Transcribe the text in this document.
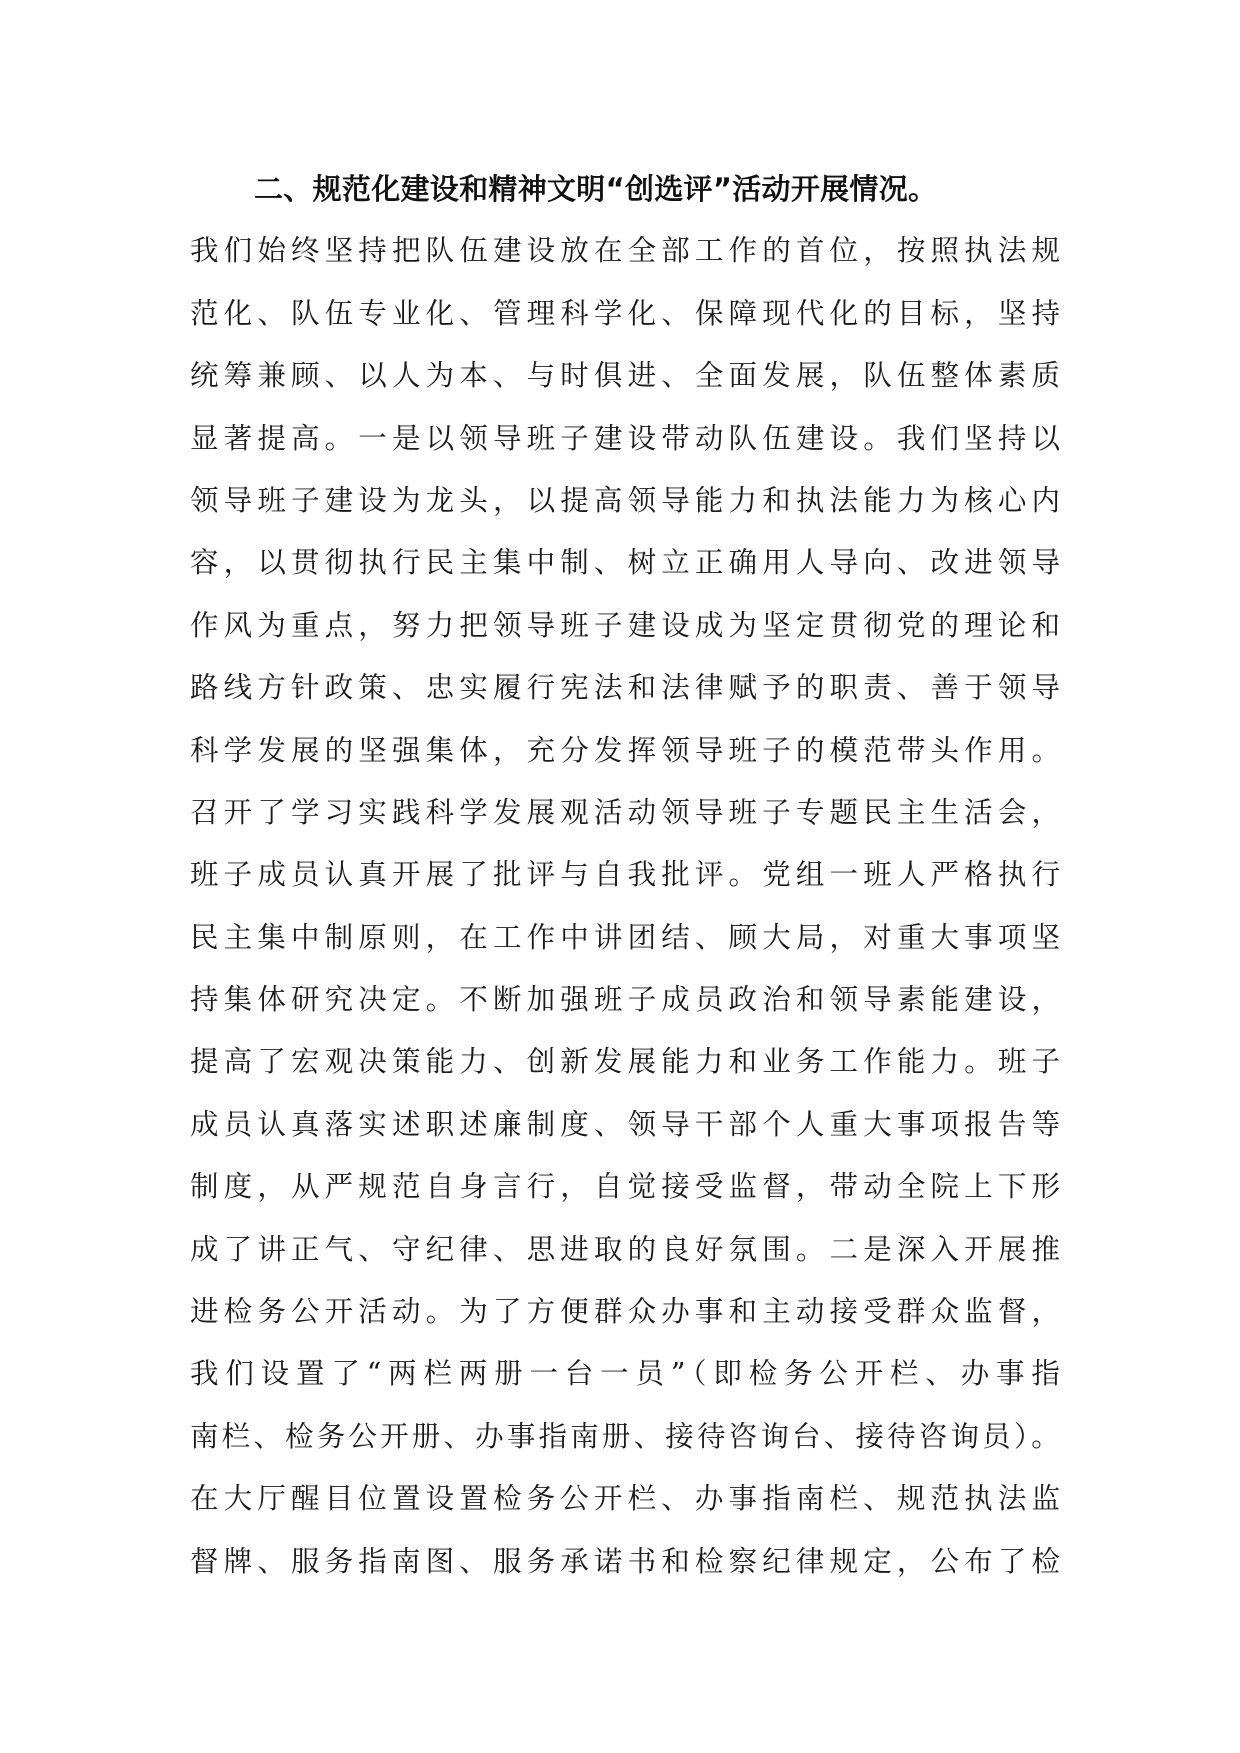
二、规范化建设和精神文明“创选评”活动开展情况。
我们始终坚持把队伍建设放在全部工作的首位，按照执法规
范化、队伍专业化、管理科学化、保障现代化的目标，坚持
统筹兼顾、以人为本、与时俱进、全面发展，队伍整体素质
显著提高。一是以领导班子建设带动队伍建设。我们坚持以
领导班子建设为龙头，以提高领导能力和执法能力为核心内
容，以贯彻执行民主集中制、树立正确用人导向、改进领导
作风为重点，努力把领导班子建设成为坚定贯彻党的理论和
路线方针政策、忠实履行宪法和法律赋予的职责、善于领导
科学发展的坚强集体，充分发挥领导班子的模范带头作用。
召开了学习实践科学发展观活动领导班子专题民主生活会，
班子成员认真开展了批评与自我批评。党组一班人严格执行
民主集中制原则，在工作中讲团结、顾大局，对重大事项坚
持集体研究决定。不断加强班子成员政治和领导素能建设，
提高了宏观决策能力、创新发展能力和业务工作能力。班子
成员认真落实述职述廉制度、领导干部个人重大事项报告等
制度，从严规范自身言行，自觉接受监督，带动全院上下形
成了讲正气、守纪律、思进取的良好氛围。二是深入开展推
进检务公开活动。为了方便群众办事和主动接受群众监督，
我们设置了“两栏两册一台一员”（即检务公开栏、办事指
南栏、检务公开册、办事指南册、接待咨询台、接待咨询员）。
在大厅醒目位置设置检务公开栏、办事指南栏、规范执法监
督牌、服务指南图、服务承诺书和检察纪律规定，公布了检
